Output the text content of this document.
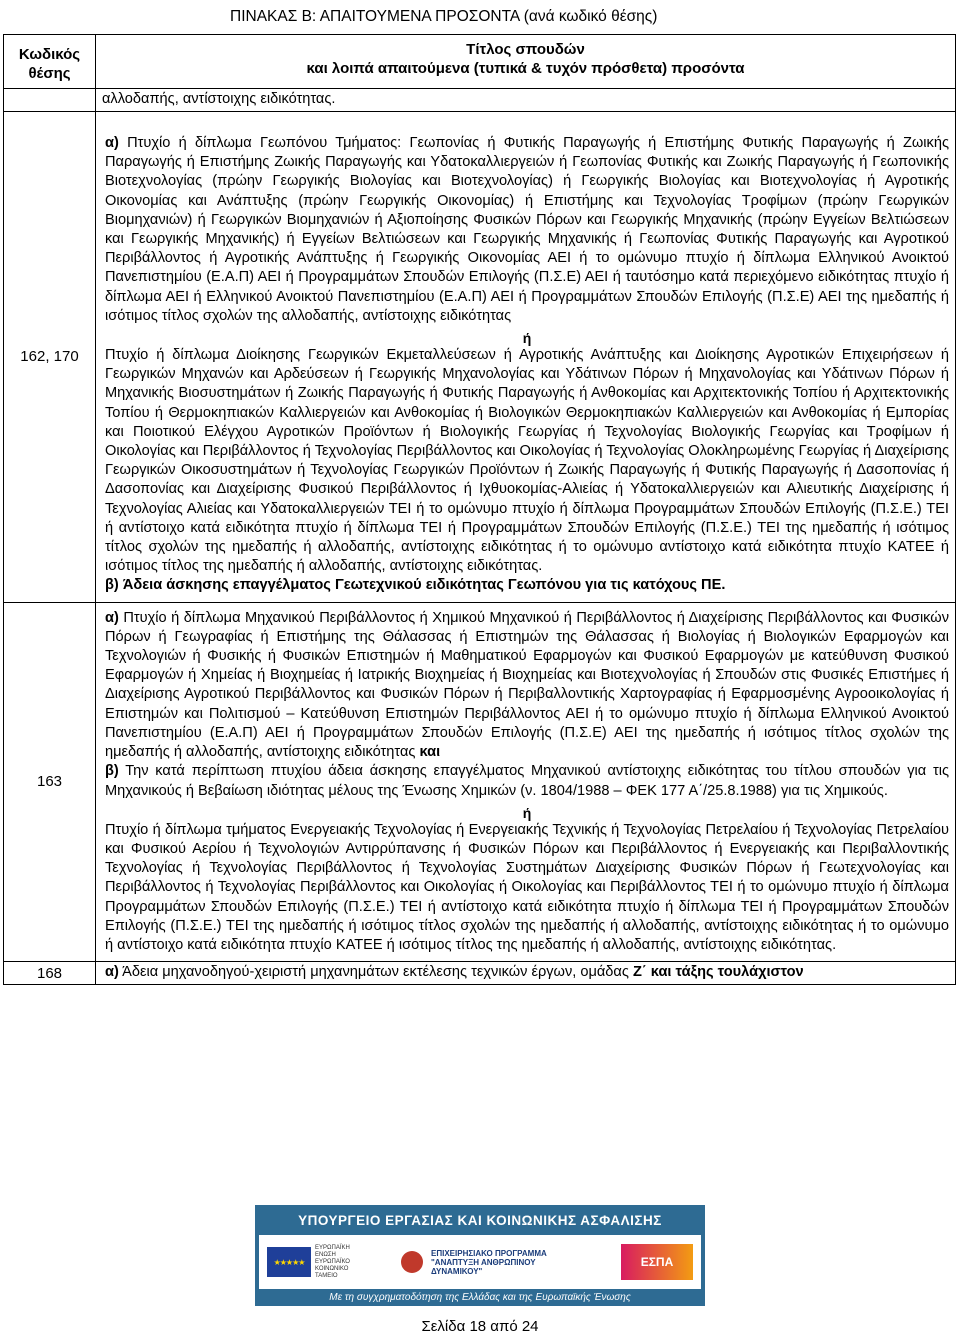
ΠΙΝΑΚΑΣ Β: ΑΠΑΙΤΟΥΜΕΝΑ ΠΡΟΣΟΝΤΑ (ανά κωδικό θέσης)
Κωδικός θέσης	Τίτλος σπουδών
και λοιπά απαιτούμενα (τυπικά & τυχόν πρόσθετα) προσόντα

	αλλοδαπής, αντίστοιχης ειδικότητας.
162, 170	α) Πτυχίο ή δίπλωμα Γεωπόνου Τμήματος: Γεωπονίας ή Φυτικής Παραγωγής ή Επιστήμης Φυτικής Παραγωγής ή Ζωικής Παραγωγής ή Επιστήμης Ζωικής Παραγωγής και Υδατοκαλλιεργειών ή Γεωπονίας Φυτικής και Ζωικής Παραγωγής ή Γεωπονικής Βιοτεχνολογίας (πρώην Γεωργικής Βιολογίας και Βιοτεχνολογίας) ή Γεωργικής Βιολογίας και Βιοτεχνολογίας ή Αγροτικής Οικονομίας και Ανάπτυξης (πρώην Γεωργικής Οικονομίας) ή Επιστήμης και Τεχνολογίας Τροφίμων (πρώην Γεωργικών Βιομηχανιών) ή Γεωργικών Βιομηχανιών ή Αξιοποίησης Φυσικών Πόρων και Γεωργικής Μηχανικής (πρώην Εγγείων Βελτιώσεων και Γεωργικής Μηχανικής) ή Εγγείων Βελτιώσεων και Γεωργικής Μηχανικής ή Γεωπονίας Φυτικής Παραγωγής και Αγροτικού Περιβάλλοντος ή Αγροτικής Ανάπτυξης ή Γεωργικής Οικονομίας ΑΕΙ ή το ομώνυμο πτυχίο ή δίπλωμα Ελληνικού Ανοικτού Πανεπιστημίου (Ε.Α.Π) ΑΕΙ ή Προγραμμάτων Σπουδών Επιλογής (Π.Σ.Ε) ΑΕΙ ή ταυτόσημο κατά περιεχόμενο ειδικότητας πτυχίο ή δίπλωμα ΑΕΙ ή Ελληνικού Ανοικτού Πανεπιστημίου (Ε.Α.Π) ΑΕΙ ή Προγραμμάτων Σπουδών Επιλογής (Π.Σ.Ε) ΑΕΙ της ημεδαπής ή ισότιμος τίτλος σχολών της αλλοδαπής, αντίστοιχης ειδικότητας

ή

Πτυχίο ή δίπλωμα Διοίκησης Γεωργικών Εκμεταλλεύσεων ή Αγροτικής Ανάπτυξης και Διοίκησης Αγροτικών Επιχειρήσεων ή Γεωργικών Μηχανών και Αρδεύσεων ή Γεωργικής Μηχανολογίας και Υδάτινων Πόρων ή Μηχανολογίας και Υδάτινων Πόρων ή Μηχανικής Βιοσυστημάτων ή Ζωικής Παραγωγής ή Φυτικής Παραγωγής ή Ανθοκομίας και Αρχιτεκτονικής Τοπίου ή Αρχιτεκτονικής Τοπίου ή Θερμοκηπιακών Καλλιεργειών και Ανθοκομίας ή Βιολογικών Θερμοκηπιακών Καλλιεργειών και Ανθοκομίας ή Εμπορίας και Ποιοτικού Ελέγχου Αγροτικών Προϊόντων ή Βιολογικής Γεωργίας ή Τεχνολογίας Βιολογικής Γεωργίας και Τροφίμων ή Οικολογίας και Περιβάλλοντος ή Τεχνολογίας Περιβάλλοντος και Οικολογίας ή Τεχνολογίας Ολοκληρωμένης Γεωργίας ή Διαχείρισης Γεωργικών Οικοσυστημάτων ή Τεχνολογίας Γεωργικών Προϊόντων ή Ζωικής Παραγωγής ή Φυτικής Παραγωγής ή Δασοπονίας ή Δασοπονίας και Διαχείρισης Φυσικού Περιβάλλοντος ή Ιχθυοκομίας-Αλιείας ή Υδατοκαλλιεργειών και Αλιευτικής Διαχείρισης ή Τεχνολογίας Αλιείας και Υδατοκαλλιεργειών ΤΕΙ ή το ομώνυμο πτυχίο ή δίπλωμα Προγραμμάτων Σπουδών Επιλογής (Π.Σ.Ε.) ΤΕΙ ή αντίστοιχο κατά ειδικότητα πτυχίο ή δίπλωμα ΤΕΙ ή Προγραμμάτων Σπουδών Επιλογής (Π.Σ.Ε.) ΤΕΙ της ημεδαπής ή ισότιμος τίτλος σχολών της ημεδαπής ή αλλοδαπής, αντίστοιχης ειδικότητας ή το ομώνυμο αντίστοιχο κατά ειδικότητα πτυχίο ΚΑΤΕΕ ή ισότιμος τίτλος της ημεδαπής ή αλλοδαπής, αντίστοιχης ειδικότητας.

β) Άδεια άσκησης επαγγέλματος Γεωτεχνικού ειδικότητας Γεωπόνου για τις κατόχους ΠΕ.

163	α) Πτυχίο ή δίπλωμα Μηχανικού Περιβάλλοντος ή Χημικού Μηχανικού ή Περιβάλλοντος ή Διαχείρισης Περιβάλλοντος και Φυσικών Πόρων ή Γεωγραφίας ή Επιστήμης της Θάλασσας ή Επιστημών της Θάλασσας ή Βιολογίας ή Βιολογικών Εφαρμογών και Τεχνολογιών ή Φυσικής ή Φυσικών Επιστημών ή Μαθηματικού Εφαρμογών και Φυσικού Εφαρμογών με κατεύθυνση Φυσικού Εφαρμογών ή Χημείας ή Βιοχημείας ή Ιατρικής Βιοχημείας ή Βιοχημείας και Βιοτεχνολογίας ή Σπουδών στις Φυσικές Επιστήμες ή Διαχείρισης Αγροτικού Περιβάλλοντος και Φυσικών Πόρων ή Περιβαλλοντικής Χαρτογραφίας ή Εφαρμοσμένης Αγροοικολογίας ή Επιστημών και Πολιτισμού – Κατεύθυνση Επιστημών Περιβάλλοντος ΑΕΙ ή το ομώνυμο πτυχίο ή δίπλωμα Ελληνικού Ανοικτού Πανεπιστημίου (Ε.Α.Π) ΑΕΙ ή Προγραμμάτων Σπουδών Επιλογής (Π.Σ.Ε) ΑΕΙ της ημεδαπής ή ισότιμος τίτλος σχολών της ημεδαπής ή αλλοδαπής, αντίστοιχης ειδικότητας και

β) Την κατά περίπτωση πτυχίου άδεια άσκησης επαγγέλματος Μηχανικού αντίστοιχης ειδικότητας του τίτλου σπουδών για τις Μηχανικούς ή Βεβαίωση ιδιότητας μέλους της Ένωσης Χημικών (ν. 1804/1988 – ΦΕΚ 177 Α΄/25.8.1988) για τις Χημικούς.

ή

Πτυχίο ή δίπλωμα τμήματος Ενεργειακής Τεχνολογίας ή Ενεργειακής Τεχνικής ή Τεχνολογίας Πετρελαίου ή Τεχνολογίας Πετρελαίου και Φυσικού Αερίου ή Τεχνολογιών Αντιρρύπανσης ή Φυσικών Πόρων και Περιβάλλοντος ή Ενεργειακής και Περιβαλλοντικής Τεχνολογίας ή Τεχνολογίας Περιβάλλοντος ή Τεχνολογίας Συστημάτων Διαχείρισης Φυσικών Πόρων ή Γεωτεχνολογίας και Περιβάλλοντος ή Τεχνολογίας Περιβάλλοντος και Οικολογίας ή Οικολογίας και Περιβάλλοντος ΤΕΙ ή το ομώνυμο πτυχίο ή δίπλωμα Προγραμμάτων Σπουδών Επιλογής (Π.Σ.Ε.) ΤΕΙ ή αντίστοιχο κατά ειδικότητα πτυχίο ή δίπλωμα ΤΕΙ ή Προγραμμάτων Σπουδών Επιλογής (Π.Σ.Ε.) ΤΕΙ της ημεδαπής ή ισότιμος τίτλος σχολών της ημεδαπής ή αλλοδαπής, αντίστοιχης ειδικότητας ή το ομώνυμο ή αντίστοιχο κατά ειδικότητα πτυχίο ΚΑΤΕΕ ή ισότιμος τίτλος της ημεδαπής ή αλλοδαπής, αντίστοιχης ειδικότητας.

168	α) Άδεια μηχανοδηγού-χειριστή μηχανημάτων εκτέλεσης τεχνικών έργων, ομάδας Ζ΄ και τάξης τουλάχιστον

ΥΠΟΥΡΓΕΙΟ ΕΡΓΑΣΙΑΣ ΚΑΙ ΚΟΙΝΩΝΙΚΗΣ ΑΣΦΑΛΙΣΗΣ
★★★★★
ΕΥΡΩΠΑΪΚΗ ΕΝΩΣΗ ΕΥΡΩΠΑΪΚΟ ΚΟΙΝΩΝΙΚΟ ΤΑΜΕΙΟ
ΕΠΙΧΕΙΡΗΣΙΑΚΟ ΠΡΟΓΡΑΜΜΑ
"ΑΝΑΠΤΥΞΗ ΑΝΘΡΩΠΙΝΟΥ ΔΥΝΑΜΙΚΟΥ"
ΕΣΠΑ
Με τη συγχρηματοδότηση της Ελλάδας και της Ευρωπαϊκής Ένωσης
Σελίδα 18 από 24
